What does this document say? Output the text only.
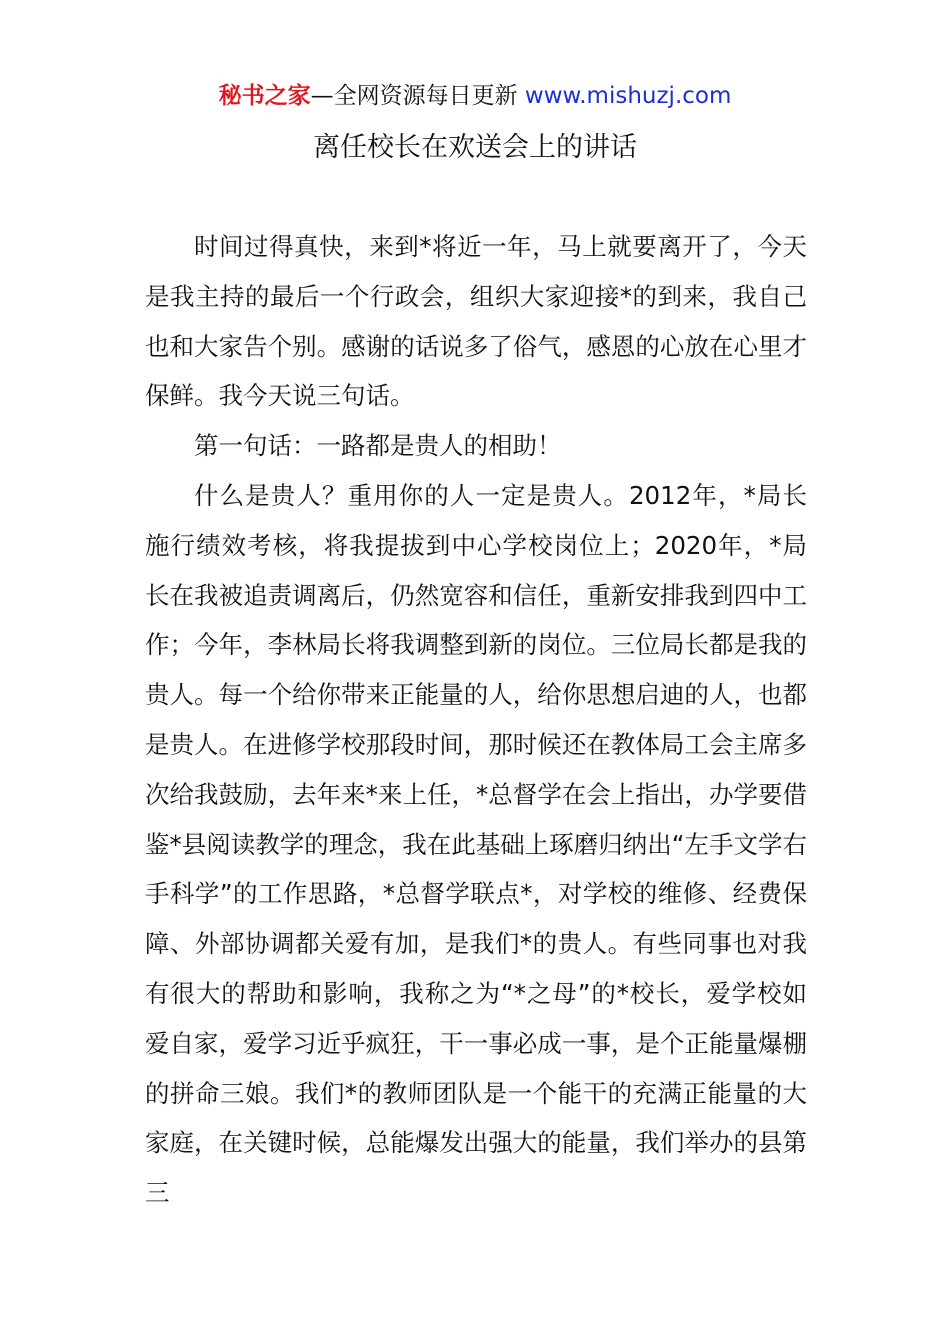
秘书之家—全网资源每日更新 www.mishuzj.com
离任校长在欢送会上的讲话

时间过得真快，来到*将近一年，马上就要离开了，今天是我主持的最后一个行政会，组织大家迎接*的到来，我自己也和大家告个别。感谢的话说多了俗气，感恩的心放在心里才保鲜。我今天说三句话。

第一句话：一路都是贵人的相助！

什么是贵人？重用你的人一定是贵人。2012年，*局长施行绩效考核，将我提拔到中心学校岗位上；2020年，*局长在我被追责调离后，仍然宽容和信任，重新安排我到四中工作；今年，李林局长将我调整到新的岗位。三位局长都是我的贵人。每一个给你带来正能量的人，给你思想启迪的人，也都是贵人。在进修学校那段时间，那时候还在教体局工会主席多次给我鼓励，去年来*来上任，*总督学在会上指出，办学要借鉴*县阅读教学的理念，我在此基础上琢磨归纳出“左手文学右手科学”的工作思路，*总督学联点*，对学校的维修、经费保障、外部协调都关爱有加，是我们*的贵人。有些同事也对我有很大的帮助和影响，我称之为“*之母”的*校长，爱学校如爱自家，爱学习近乎疯狂，干一事必成一事，是个正能量爆棚的拼命三娘。我们*的教师团队是一个能干的充满正能量的大家庭，在关键时候，总能爆发出强大的能量，我们举办的县第三
